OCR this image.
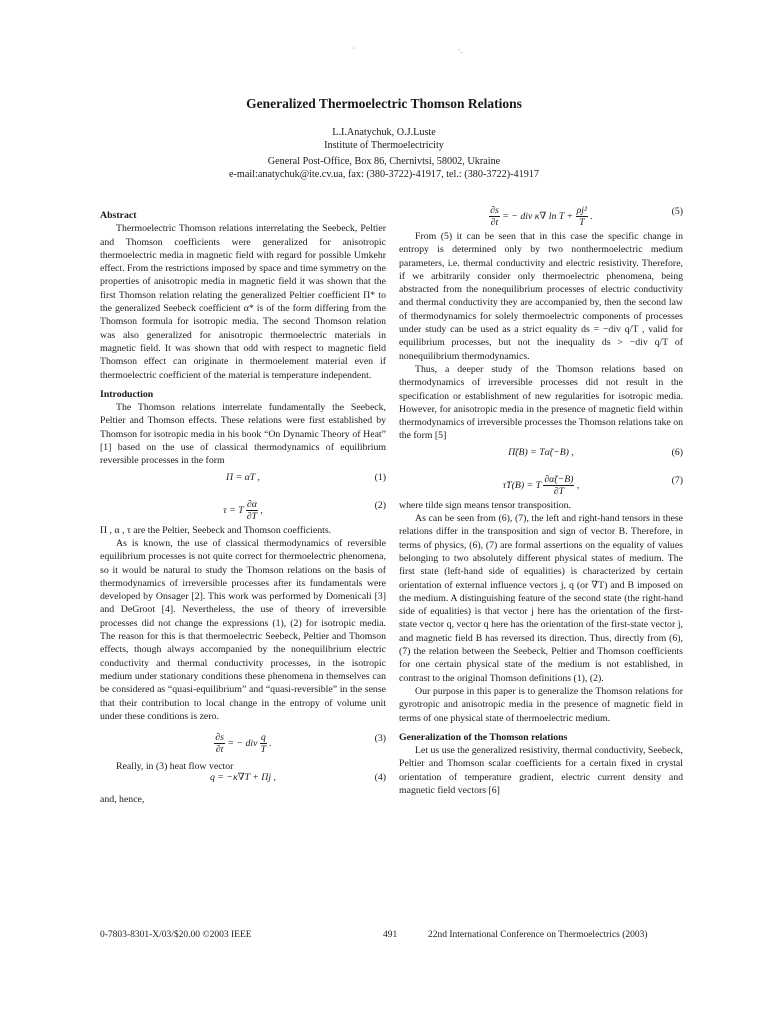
·	·.
Generalized Thermoelectric Thomson Relations
L.I.Anatychuk, O.J.Luste
Institute of Thermoelectricity
General Post-Office, Box 86, Chernivtsi, 58002, Ukraine
e-mail:anatychuk@ite.cv.ua, fax: (380-3722)-41917, tel.: (380-3722)-41917

Abstract

Thermoelectric Thomson relations interrelating the Seebeck, Peltier and Thomson coefficients were generalized for anisotropic thermoelectric media in magnetic field with regard for possible Umkehr effect. From the restrictions imposed by space and time symmetry on the properties of anisotropic media in magnetic field it was shown that the first Thomson relation relating the generalized Peltier coefficient Π* to the generalized Seebeck coefficient α* is of the form differing from the Thomson formula for isotropic media. The second Thomson relation was also generalized for anisotropic thermoelectric materials in magnetic field. It was shown that odd with respect to magnetic field Thomson effect can originate in thermoelement material even if thermoelectric coefficient of the material is temperature independent.

Introduction

The Thomson relations interrelate fundamentally the Seebeck, Peltier and Thomson effects. These relations were first established by Thomson for isotropic media in his book “On Dynamic Theory of Heat” [1] based on the use of classical thermodynamics of equilibrium reversible processes in the form

Π = αT ,	(1)
τ = T $\frac{\partial\alpha}{\partial T}$ ,	(2)

Π , α , τ are the Peltier, Seebeck and Thomson coefficients.

As is known, the use of classical thermodynamics of reversible equilibrium processes is not quite correct for thermoelectric phenomena, so it would be natural to study the Thomson relations on the basis of thermodynamics of irreversible processes after its fundamentals were developed by Onsager [2]. This work was performed by Domenicali [3] and DeGroot [4]. Nevertheless, the use of theory of irreversible processes did not change the expressions (1), (2) for isotropic media. The reason for this is that thermoelectric Seebeck, Peltier and Thomson effects, though always accompanied by the nonequilibrium electric conductivity and thermal conductivity processes, in the isotropic medium under stationary conditions these phenomena in themselves can be considered as “quasi-equilibrium” and “quasi-reversible” in the sense that their contribution to local change in the entropy of volume unit under these conditions is zero.

$\frac{\partial s}{\partial t}$ = − div $\frac{q}{T}$ .	(3)
Really, in (3) heat flow vector
q = −κ∇T + Πj ,	(4)

and, hence,

$\frac{\partial s}{\partial t}$ = − div κ∇ $\ln T + \frac{\text{ρj²}}{T}$ .	(5)

From (5) it can be seen that in this case the specific change in entropy is determined only by two nonthermoelectric medium parameters, i.e. thermal conductivity and electric resistivity. Therefore, if we arbitrarily consider only thermoelectric phenomena, being abstracted from the nonequilibrium processes of electric conductivity and thermal conductivity they are accompanied by, then the second law of thermodynamics for solely thermoelectric components of processes under study can be used as a strict equality ds = −div q/T , valid for equilibrium processes, but not the inequality ds > −div q/T of nonequilibrium thermodynamics.

Thus, a deeper study of the Thomson relations based on thermodynamics of irreversible processes did not result in the specification or establishment of new regularities for isotropic media. However, for anisotropic media in the presence of magnetic field within thermodynamics of irreversible processes the Thomson relations take on the form [5]

Π̃(B) = Tα̃(−B) ,	(6)
τ̃T(B) = T $\frac{\partial\alphã(-B)}{\partial T}$ ,	(7)

where tilde sign means tensor transposition.

As can be seen from (6), (7), the left and right-hand tensors in these relations differ in the transposition and sign of vector B. Therefore, in terms of physics, (6), (7) are formal assertions on the equality of values belonging to two absolutely different physical states of medium. The first state (left-hand side of equalities) is characterized by certain orientation of external influence vectors j, q (or ∇T) and B imposed on the medium. A distinguishing feature of the second state (the right-hand side of equalities) is that vector j here has the orientation of the first-state vector q, vector q here has the orientation of the first-state vector j, and magnetic field B has reversed its direction. Thus, directly from (6), (7) the relation between the Seebeck, Peltier and Thomson coefficients for one certain physical state of the medium is not established, in contrast to the original Thomson definitions (1), (2).

Our purpose in this paper is to generalize the Thomson relations for gyrotropic and anisotropic media in the presence of magnetic field in terms of one physical state of thermoelectric medium.

Generalization of the Thomson relations

Let us use the generalized resistivity, thermal conductivity, Seebeck, Peltier and Thomson scalar coefficients for a certain fixed in crystal orientation of temperature gradient, electric current density and magnetic field vectors [6]

0-7803-8301-X/03/$20.00 ©2003 IEEE	491	22nd International Conference on Thermoelectrics (2003)
